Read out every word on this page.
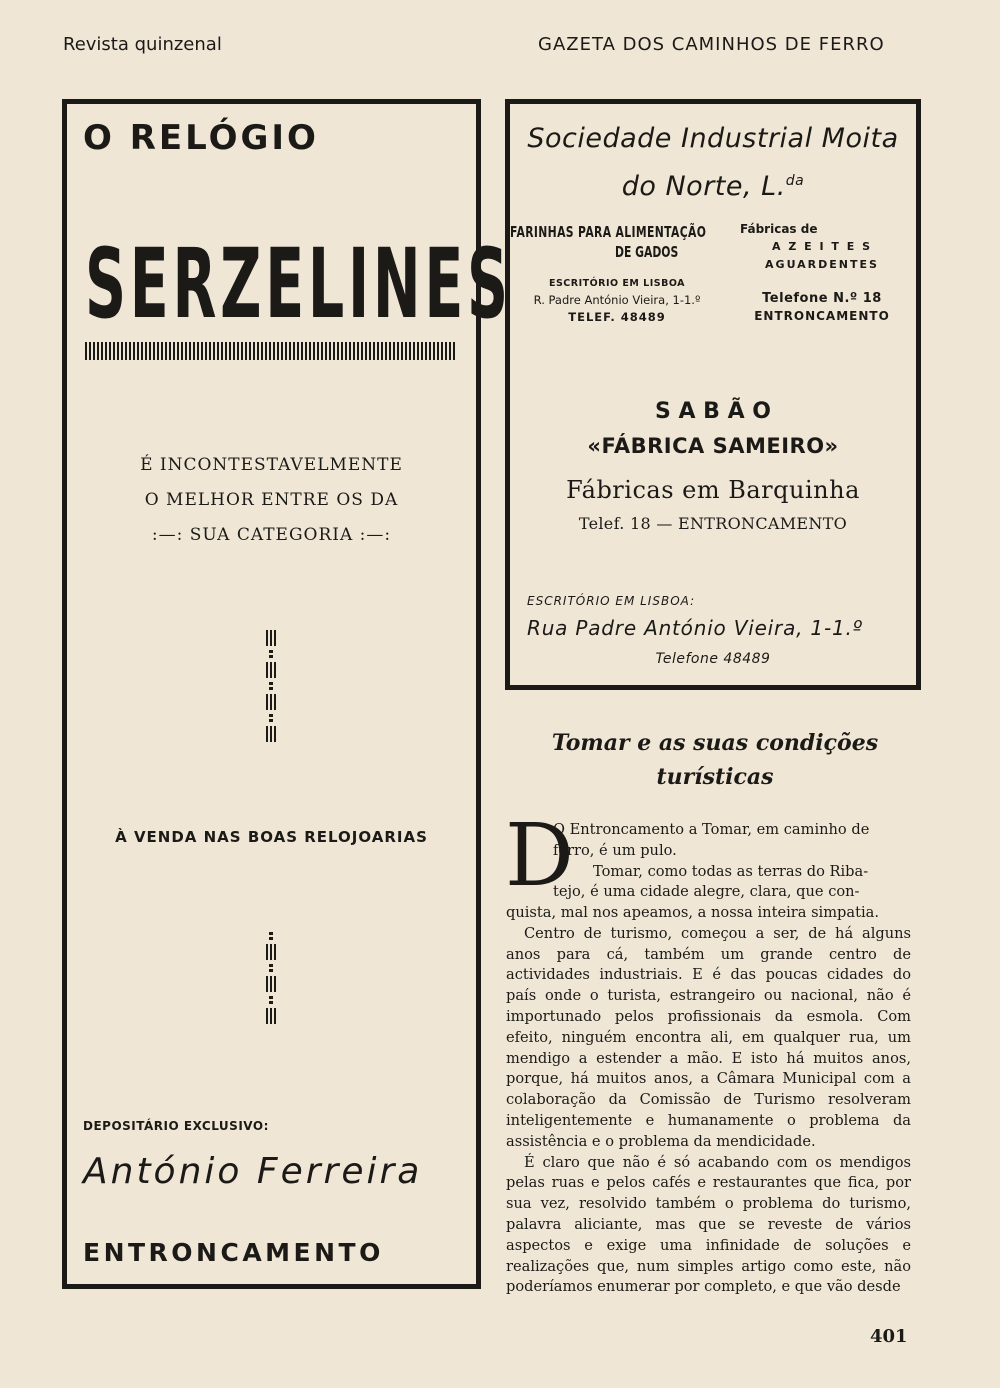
Revista quinzenal	GAZETA DOS CAMINHOS DE FERRO
O RELÓGIO
SERZELINES
É INCONTESTAVELMENTE
O MELHOR ENTRE OS DA
:—: SUA CATEGORIA :—:
À VENDA NAS BOAS RELOJOARIAS
DEPOSITÁRIO EXCLUSIVO:
António Ferreira
ENTRONCAMENTO
Sociedade Industrial Moita
do Norte, L.$^{da}$
FARINHAS PARA ALIMENTAÇÃO
DE GADOS
ESCRITÓRIO EM LISBOA
R. Padre António Vieira, 1-1.º
TELEF. 48489
Fábricas de
A Z E I T E S
AGUARDENTES
Telefone N.º 18
ENTRONCAMENTO
S A B Ã O
«FÁBRICA SAMEIRO»
Fábricas em Barquinha
Telef. 18 — ENTRONCAMENTO
ESCRITÓRIO EM LISBOA:
Rua Padre António Vieira, 1-1.º
Telefone 48489
Tomar e as suas condições
turísticas
D

O Entroncamento a Tomar, em caminho de

ferro, é um pulo.

Tomar, como todas as terras do Riba-

tejo, é uma cidade alegre, clara, que con-

quista, mal nos apeamos, a nossa inteira simpatia.

Centro de turismo, começou a ser, de há alguns anos para cá, também um grande centro de actividades industriais. E é das poucas cidades do país onde o turista, estrangeiro ou nacional, não é importunado pelos profissionais da esmola. Com efeito, ninguém encontra ali, em qualquer rua, um mendigo a estender a mão. E isto há muitos anos, porque, há muitos anos, a Câmara Municipal com a colaboração da Comissão de Turismo resolveram inteligentemente e humanamente o problema da assistência e o problema da mendicidade.

É claro que não é só acabando com os mendigos pelas ruas e pelos cafés e restaurantes que fica, por sua vez, resolvido também o problema do turismo, palavra aliciante, mas que se reveste de vários aspectos e exige uma infinidade de soluções e realizações que, num simples artigo como este, não poderíamos enumerar por completo, e que vão desde

401
